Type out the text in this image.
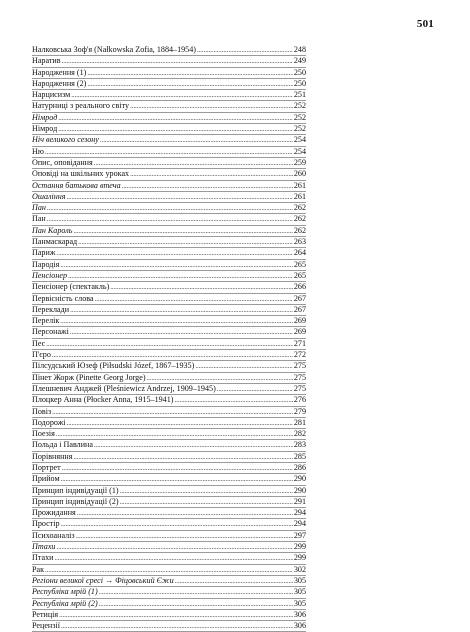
501
Налковська Зоф'я (Nałkowska Zofia, 1884–1954) .....	248
Наратив .....	249
Народження (1) .....	250
Народження (2) .....	250
Нарцисизм .....	251
Натурниці з реального світу .....	252
Німрод .....	252
Німрод .....	252
Ніч великого сезону .....	254
Ню .....	254
Опис, оповідання .....	259
Оповіді на шкільних уроках .....	260
Остання батькова втеча .....	261
Ошаління .....	261
Пан .....	262
Пан .....	262
Пан Кароль .....	262
Панмаскарад .....	263
Париж .....	264
Пародія .....	265
Пенсіонер .....	265
Пенсіонер (спектакль) .....	266
Первісність слова .....	267
Переклади .....	267
Перелік .....	269
Персонажі .....	269
Пес .....	271
П'єро .....	272
Пілсудський Юзеф (Piłsudski Józef, 1867–1935) .....	275
Пінет Жорж (Pinette Georg Jorge) .....	275
Плешневич Анджей (Pleśniewicz Andrzej, 1909–1945) .....	275
Плоцкер Анна (Płocker Anna, 1915–1941) .....	276
Повіз .....	279
Подорожі .....	281
Поезія .....	282
Польда і Павлина .....	283
Порівняння .....	285
Портрет .....	286
Прийом .....	290
Принцип індивідуації (1) .....	290
Принцип індивідуації (2) .....	291
Прожидання .....	294
Простір .....	294
Психоаналіз .....	297
Птахи .....	299
Птахи .....	299
Рак .....	302
Регіони великої єресі → Фіцовський Єжи .....	305
Республіка мрій (1) .....	305
Республіка мрій (2) .....	305
Ретиція .....	306
Рецензії .....	306
